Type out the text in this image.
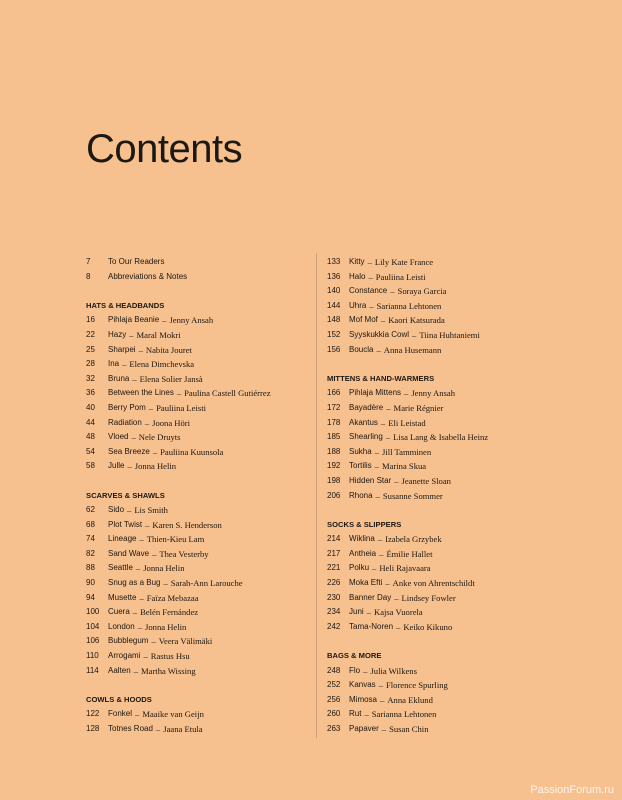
Contents
7	To Our Readers
8	Abbreviations & Notes
HATS & HEADBANDS
16	Pihlaja Beanie – Jenny Ansah
22	Hazy – Maral Mokri
25	Sharpei – Nabita Jouret
28	Ina – Elena Dimchevska
32	Bruna – Elena Solier Jansà
36	Between the Lines – Paulina Castell Gutiérrez
40	Berry Pom – Pauliina Leisti
44	Radiation – Joona Höri
48	Vloed – Nele Druyts
54	Sea Breeze – Pauliina Kuunsola
58	Julle – Jonna Helin
SCARVES & SHAWLS
62	Sido – Lis Smith
68	Plot Twist – Karen S. Henderson
74	Lineage – Thien-Kieu Lam
82	Sand Wave – Thea Vesterby
88	Seattle – Jonna Helin
90	Snug as a Bug – Sarah-Ann Larouche
94	Musette – Faïza Mebazaa
100	Cuera – Belén Fernández
104	London – Jonna Helin
106	Bubblegum – Veera Välimäki
110	Arrogami – Rastus Hsu
114	Aalten – Martha Wissing
COWLS & HOODS
122	Fonkel – Maaike van Geijn
128	Totnes Road – Jaana Etula
133	Kitty – Lily Kate France
136	Halo – Pauliina Leisti
140	Constance – Soraya Garcia
144	Uhra – Sarianna Lehtonen
148	Mof Mof – Kaori Katsurada
152	Syyskukkia Cowl – Tiina Huhtaniemi
156	Boucla – Anna Husemann
MITTENS & HAND-WARMERS
166	Pihlaja Mittens – Jenny Ansah
172	Bayadère – Marie Régnier
178	Akantus – Eli Leistad
185	Shearling – Lisa Lang & Isabella Heinz
188	Sukha – Jill Tamminen
192	Tortilis – Marina Skua
198	Hidden Star – Jeanette Sloan
206	Rhona – Susanne Sommer
SOCKS & SLIPPERS
214	Wiklina – Izabela Grzybek
217	Antheia – Émilie Hallet
221	Polku – Heli Rajavaara
226	Moka Efti – Anke von Ahrentschildt
230	Banner Day – Lindsey Fowler
234	Juni – Kajsa Vuorela
242	Tama-Noren – Keiko Kikuno
BAGS & MORE
248	Flo – Julia Wilkens
252	Kanvas – Florence Spurling
256	Mimosa – Anna Eklund
260	Rut – Sarianna Lehtonen
263	Papaver – Susan Chin
PassionForum.ru
